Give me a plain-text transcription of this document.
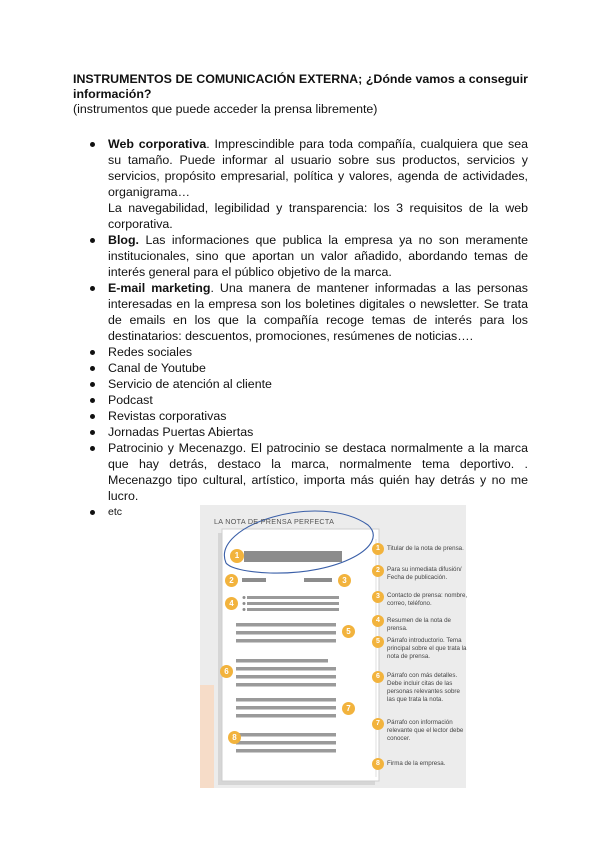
INSTRUMENTOS DE COMUNICACIÓN EXTERNA; ¿Dónde vamos a conseguir información?
(instrumentos que puede acceder la prensa libremente)
Web corporativa. Imprescindible para toda compañía, cualquiera que sea su tamaño. Puede informar al usuario sobre sus productos, servicios y servicios, propósito empresarial, política y valores, agenda de actividades, organigrama…
La navegabilidad, legibilidad y transparencia: los 3 requisitos de la web corporativa.
Blog. Las informaciones que publica la empresa ya no son meramente institucionales, sino que aportan un valor añadido, abordando temas de interés general para el público objetivo de la marca.
E-mail marketing. Una manera de mantener informadas a las personas interesadas en la empresa son los boletines digitales o newsletter. Se trata de emails en los que la compañía recoge temas de interés para los destinatarios: descuentos, promociones, resúmenes de noticias….
Redes sociales
Canal de Youtube
Servicio de atención al cliente
Podcast
Revistas corporativas
Jornadas Puertas Abiertas
Patrocinio y Mecenazgo. El patrocinio se destaca normalmente a la marca que hay detrás, destaco la marca, normalmente tema deportivo. . Mecenazgo tipo cultural, artístico, importa más quién hay detrás y no me lucro.
etc
LA NOTA DE PRENSA PERFECTA
1
2	3
4
5
6
7
8
1
2
3
4
5
6
7
8
Titular de la nota de prensa.
Para su inmediata difusión/ Fecha de publicación.
Contacto de prensa: nombre, correo, teléfono.
Resumen de la nota de prensa.
Párrafo introductorio. Tema principal sobre el que trata la nota de prensa.
Párrafo con más detalles. Debe incluir citas de las personas relevantes sobre las que trata la nota.
Párrafo con información relevante que el lector debe conocer.
Firma de la empresa.
